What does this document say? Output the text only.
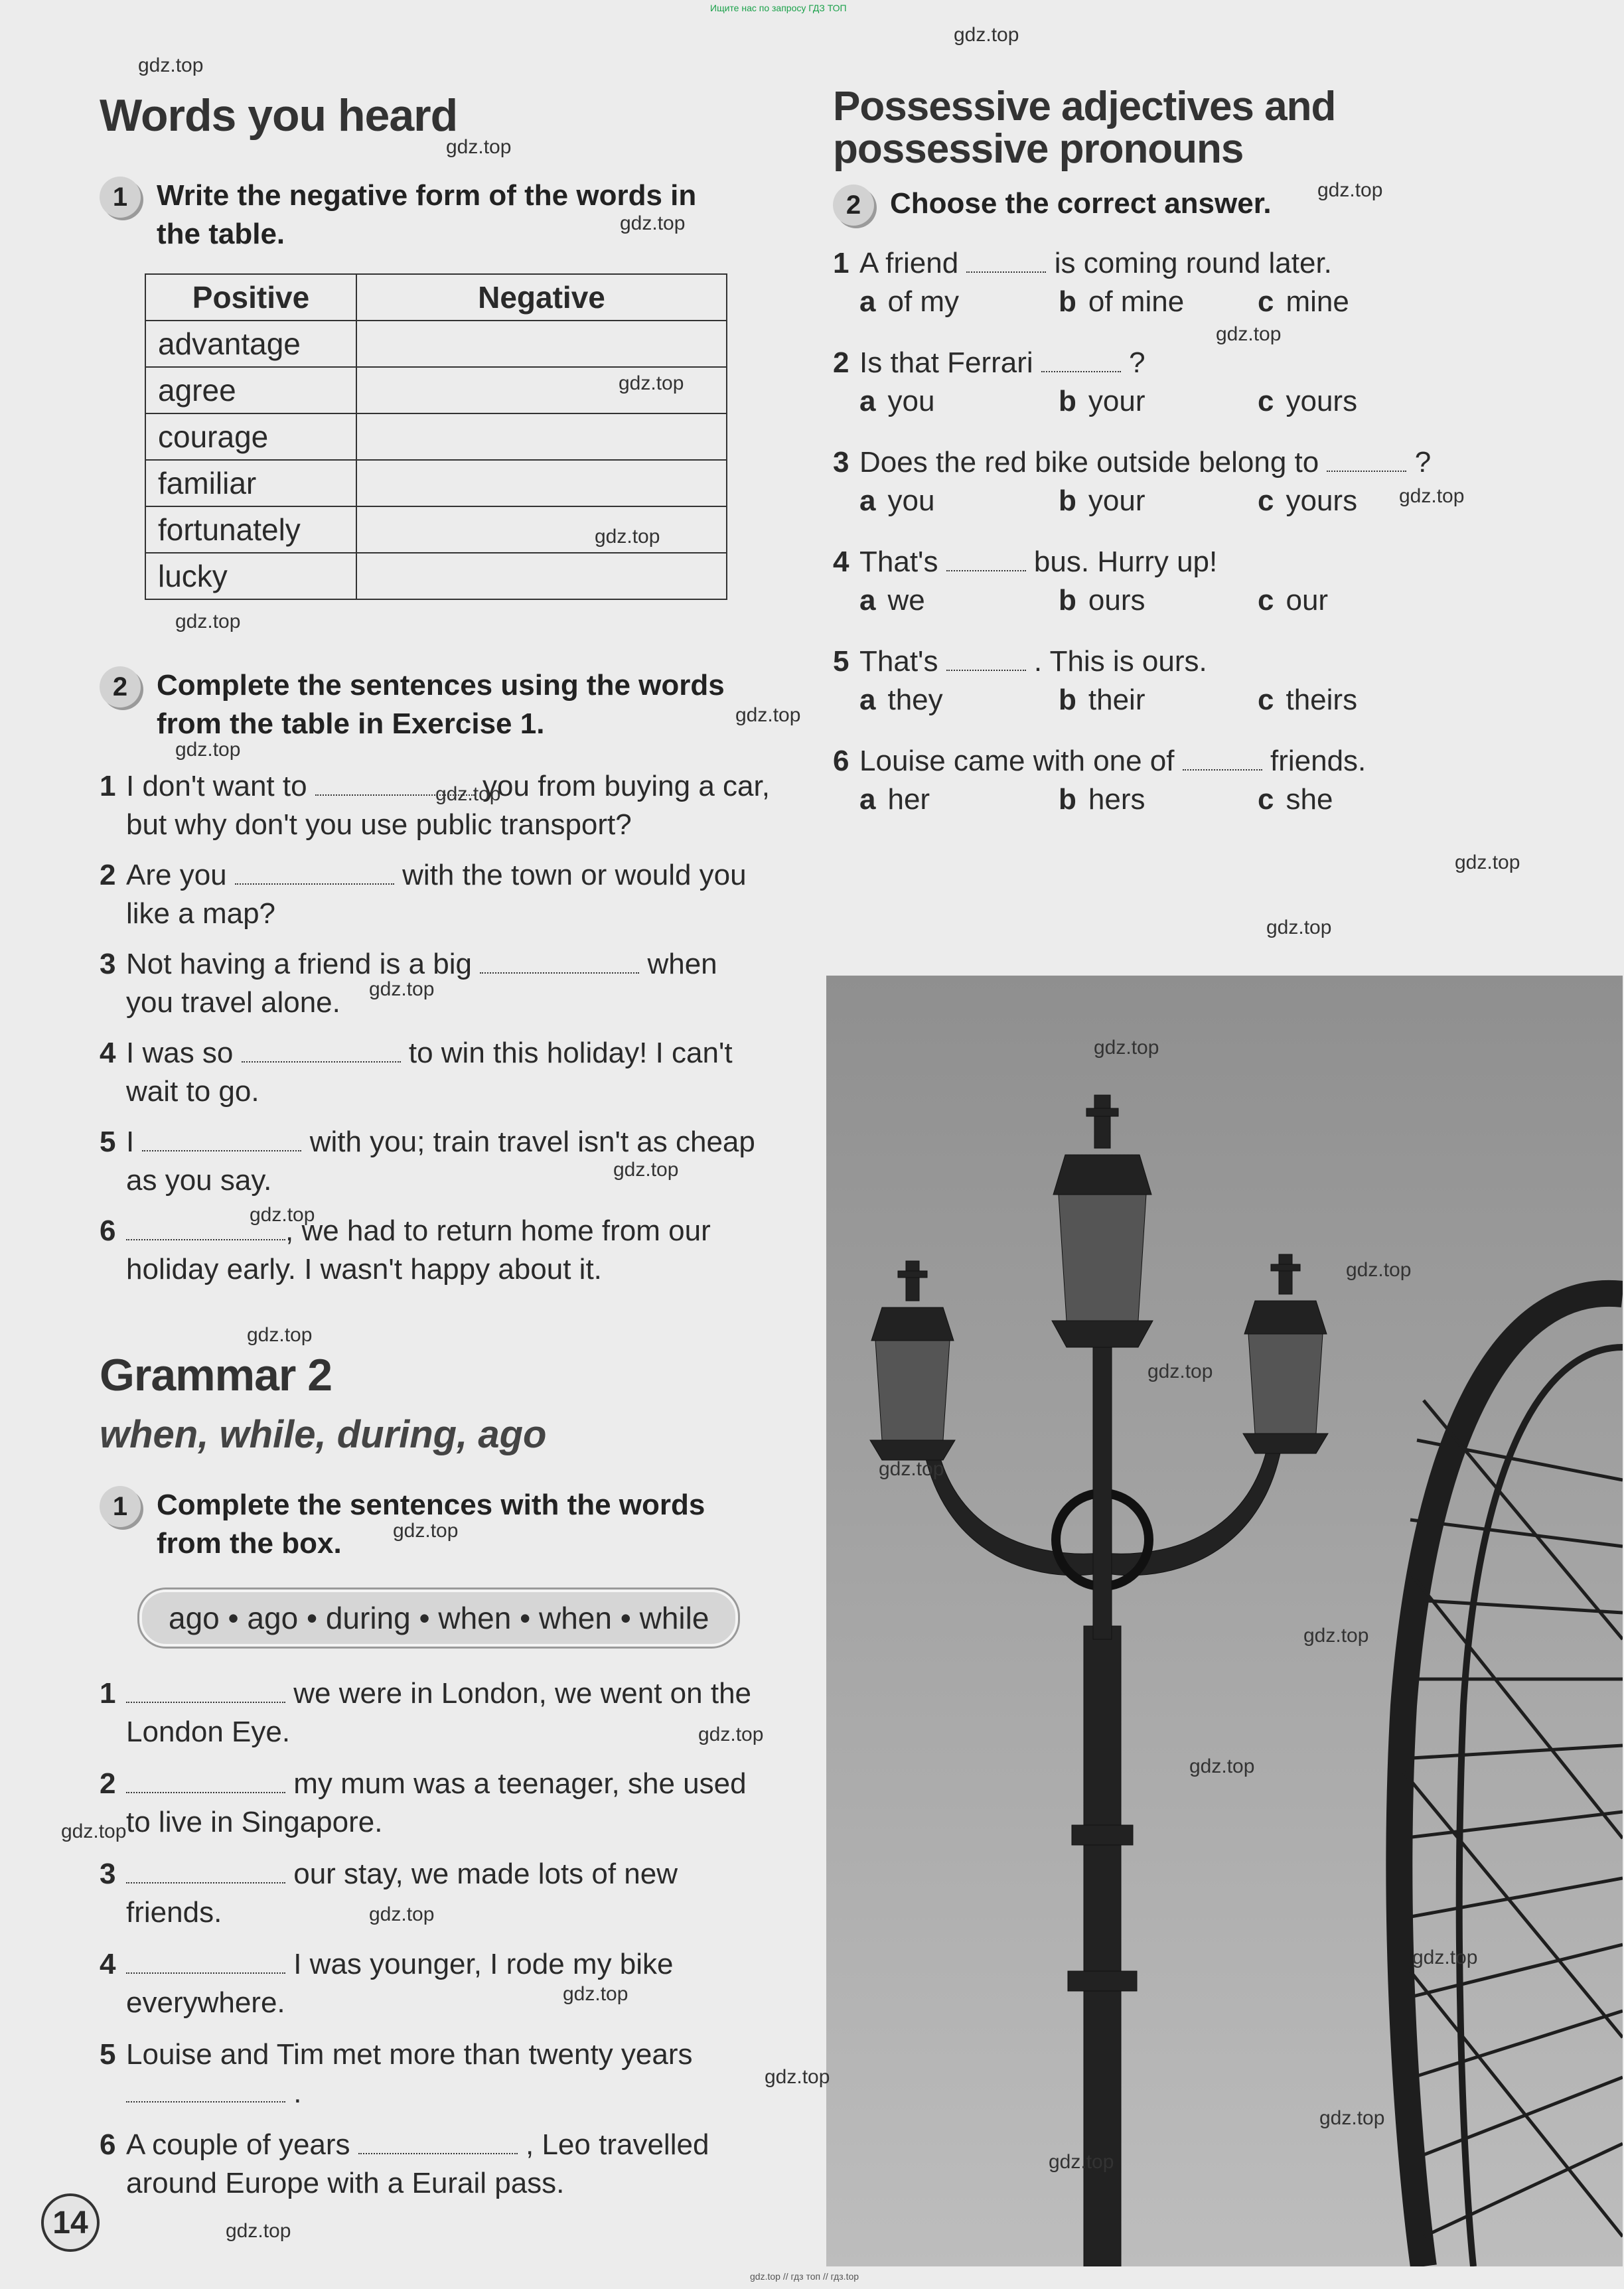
Ищите нас по запросу ГДЗ ТОП
Words you heard
1 Write the negative form of the words in the table.
Positive	Negative
advantage	
agree	
courage	
familiar	
fortunately	
lucky	
2 Complete the sentences using the words from the table in Exercise 1.
1 I don't want to	you from buying a car, but why don't you use public transport?
2 Are you	with the town or would you like a map?
3 Not having a friend is a big	when you travel alone.
4 I was so	to win this holiday! I can't wait to go.
5 I	with you; train travel isn't as cheap as you say.
6	, we had to return home from our holiday early. I wasn't happy about it.
Grammar 2
when, while, during, ago
1 Complete the sentences with the words from the box.
ago • ago • during • when • when • while
1	we were in London, we went on the London Eye.
2	my mum was a teenager, she used to live in Singapore.
3	our stay, we made lots of new friends.
4	I was younger, I rode my bike everywhere.
5 Louise and Tim met more than twenty years  .
6 A couple of years	, Leo travelled around Europe with a Eurail pass.
Possessive adjectives and
possessive pronouns
2 Choose the correct answer.
1 A friend	is coming round later.
a of my	b of mine	c mine
2 Is that Ferrari	?
a you	b your	c yours
3 Does the red bike outside belong to	?
a you	b your	c yours
4 That's	bus. Hurry up!
a we	b ours	c our
5 That's	. This is ours.
a they	b their	c theirs
6 Louise came with one of	friends.
a her	b hers	c she
14
gdz.top // гдз топ // гдз.top
gdz.top
gdz.top
gdz.top
gdz.top
gdz.top
gdz.top
gdz.top
gdz.top
gdz.top
gdz.top
gdz.top
gdz.top
gdz.top
gdz.top
gdz.top
gdz.top
gdz.top
gdz.top
gdz.top
gdz.top
gdz.top
gdz.top
gdz.top
gdz.top
gdz.top
gdz.top
gdz.top
gdz.top
gdz.top
gdz.top
gdz.top
gdz.top
gdz.top
gdz.top
gdz.top
